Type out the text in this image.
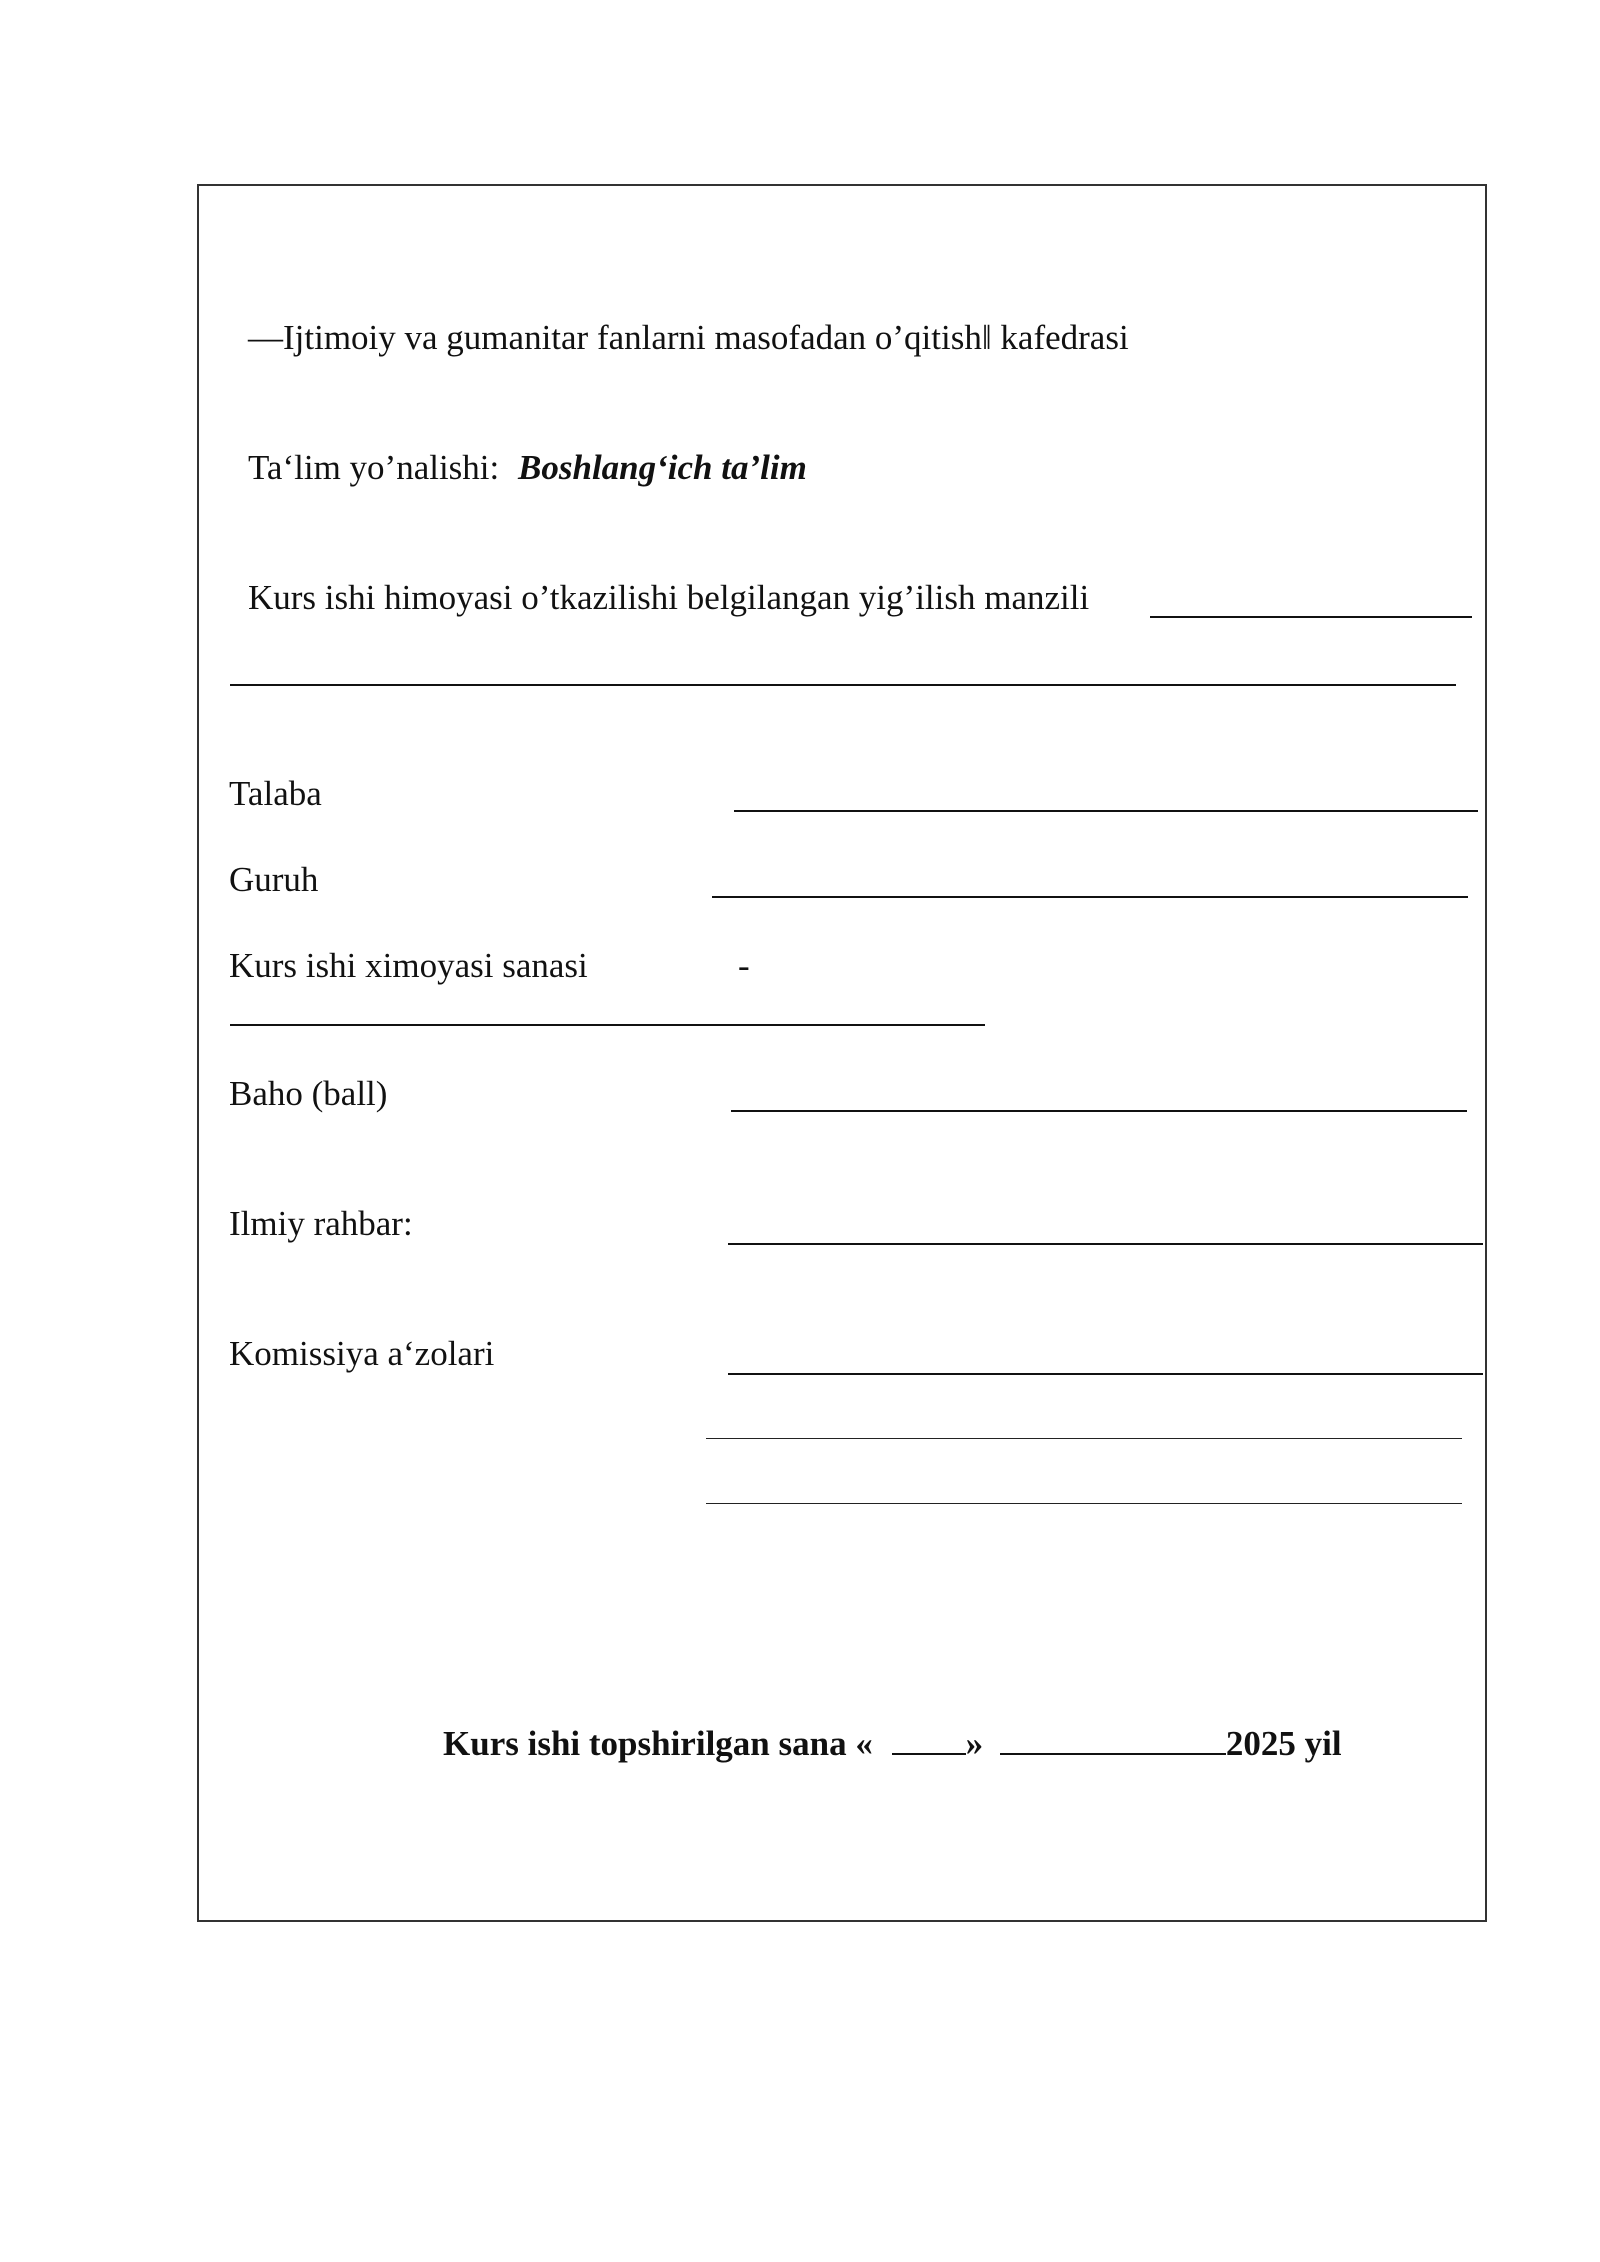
—Ijtimoiy va gumanitar fanlarni masofadan o’qitish‖ kafedrasi
Ta‘lim yo’nalishi: Boshlang‘ich ta’lim
Kurs ishi himoyasi o’tkazilishi belgilangan yig’ilish manzili
Talaba
Guruh
Kurs ishi ximoyasi sanasi	-
Baho (ball)
Ilmiy rahbar:
Komissiya a‘zolari
Kurs ishi topshirilgan sana «	»	2025 yil
